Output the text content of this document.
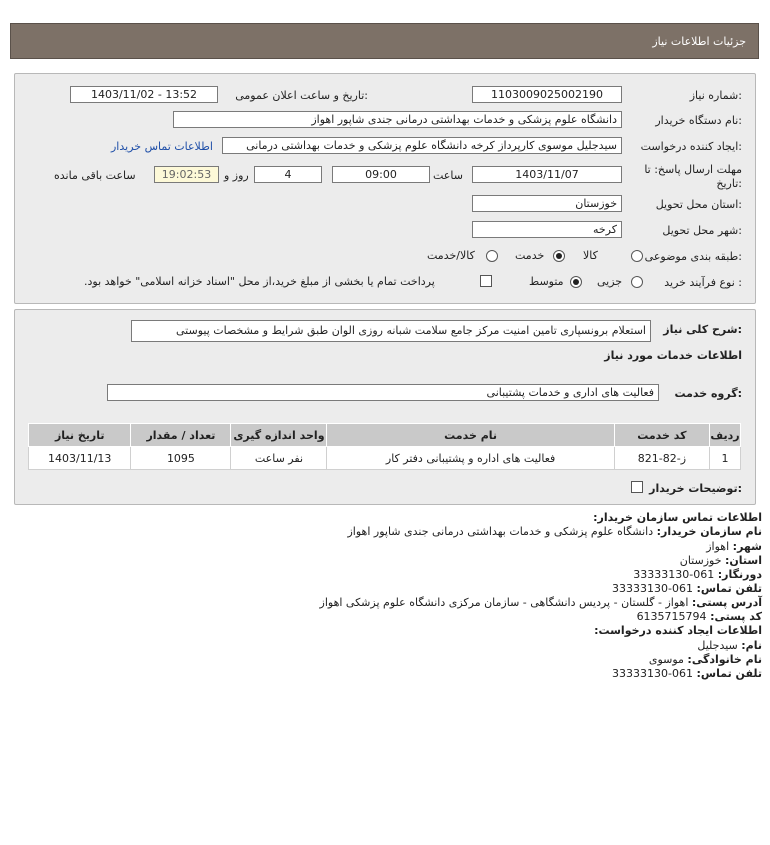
جزئیات اطلاعات نیاز
شماره نیاز:
1103009025002190
تاریخ و ساعت اعلان عمومی:
1403/11/02 - 13:52
نام دستگاه خریدار:
دانشگاه علوم پزشکی و خدمات بهداشتی درمانی جندی شاپور اهواز
ایجاد کننده درخواست:
سیدجلیل موسوی کارپرداز کرخه دانشگاه علوم پزشکی و خدمات بهداشتی درمانی
اطلاعات تماس خریدار
مهلت ارسال پاسخ: تا
تاریخ:
1403/11/07
ساعت
09:00
4
روز و
19:02:53
ساعت باقی مانده
استان محل تحویل:
خوزستان
شهر محل تحویل:
کرخه
طبقه بندی موضوعی:
کالا
خدمت
کالا/خدمت
نوع فرآیند خرید :
جزیی
متوسط
پرداخت تمام یا بخشی از مبلغ خرید،از محل "اسناد خزانه اسلامی" خواهد بود.
شرح کلی نیاز:
استعلام برونسپاری تامین امنیت مرکز جامع سلامت شبانه روزی الوان طبق شرایط و مشخصات پیوستی
اطلاعات خدمات مورد نیاز
گروه خدمت:
فعالیت های اداری و خدمات پشتیبانی
ردیف	کد خدمت	نام خدمت	واحد اندازه گیری	تعداد / مقدار	تاریخ نیاز
1	ز-82-821	فعالیت های اداره و پشتیبانی دفتر کار	نفر ساعت	1095	1403/11/13
توضیحات خریدار:
اطلاعات تماس سازمان خریدار:
نام سازمان خریدار: دانشگاه علوم پزشکی و خدمات بهداشتی درمانی جندی شاپور اهواز
شهر: اهواز
استان: خوزستان
دورنگار: 061-33333130
تلفن تماس: 061-33333130
آدرس پستی: اهواز - گلستان - پردیس دانشگاهی - سازمان مرکزی دانشگاه علوم پزشکی اهواز
کد پستی: 6135715794
اطلاعات ایجاد کننده درخواست:
نام: سیدجلیل
نام خانوادگی: موسوی
تلفن تماس: 061-33333130
